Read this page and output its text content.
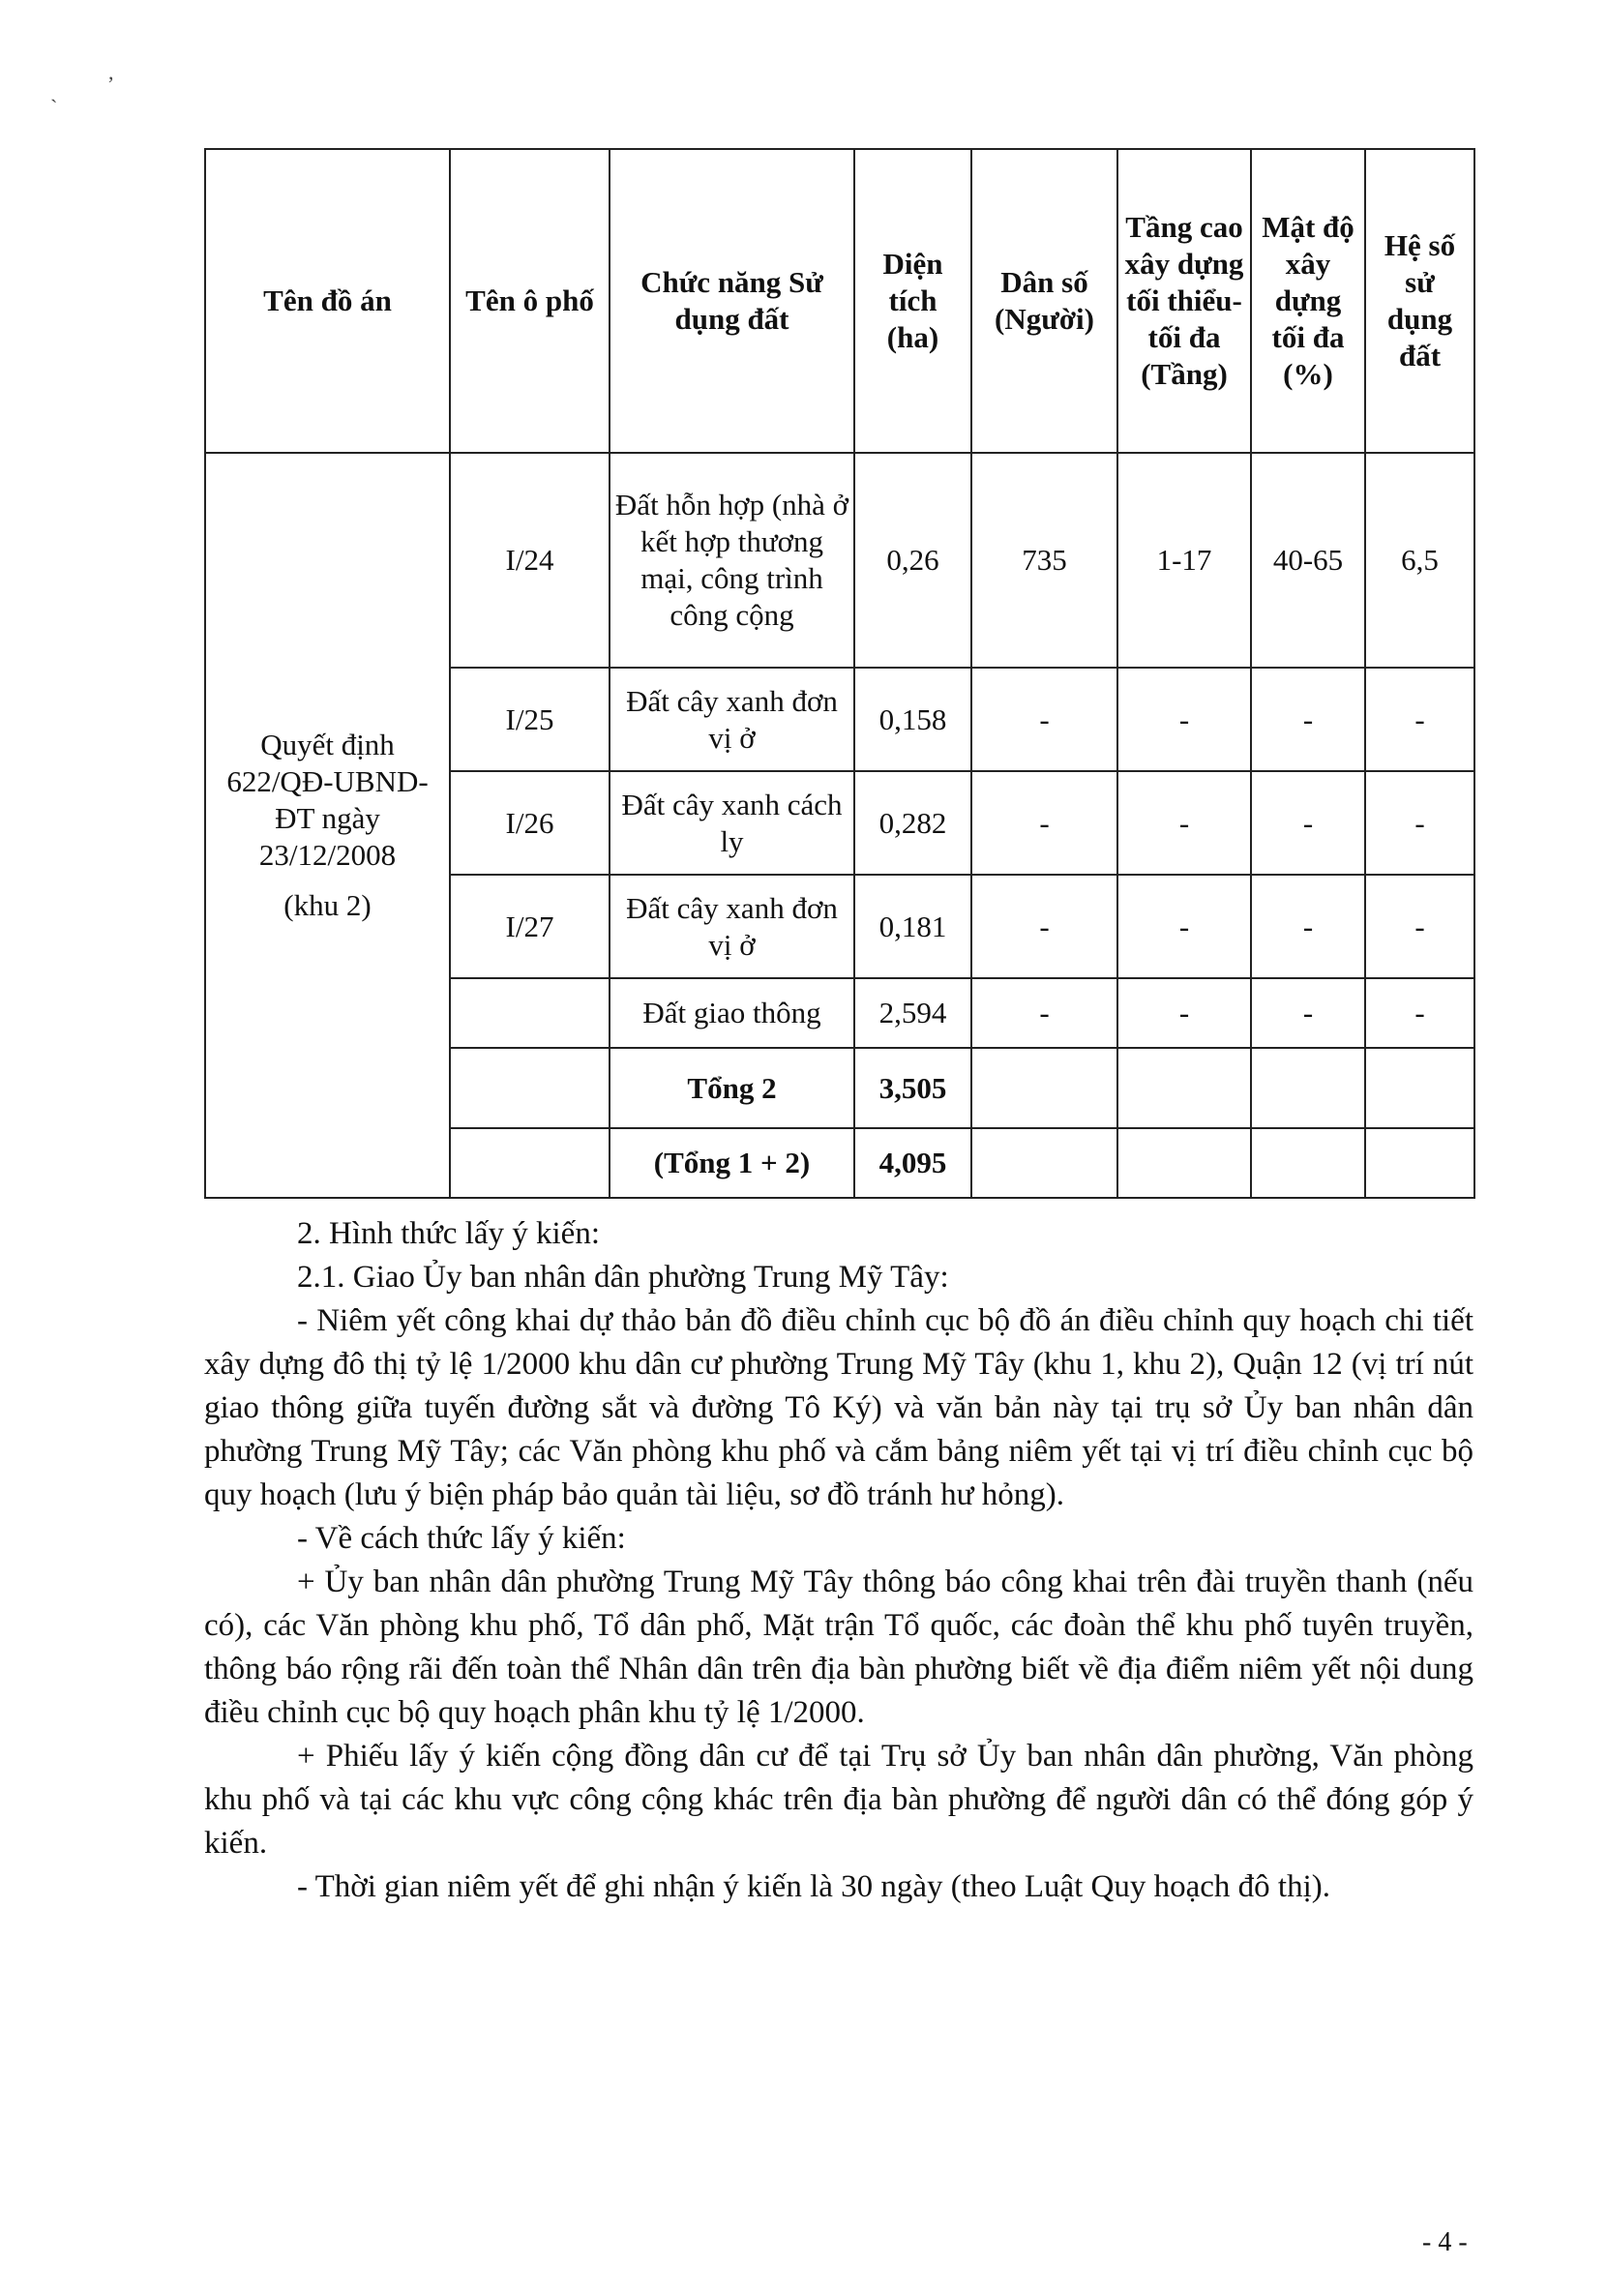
,
`
Tên đồ án	Tên ô phố	Chức năng Sử dụng đất	Diện tích (ha)	Dân số (Người)	Tầng cao xây dựng tối thiểu-tối đa (Tầng)	Mật độ xây dựng tối đa (%)	Hệ số sử dụng đất

Quyết định 622/QĐ-UBND-ĐT ngày 23/12/2008
(khu 2)	I/24	Đất hỗn hợp (nhà ở kết hợp thương mại, công trình công cộng	0,26	735	1-17	40-65	6,5
	I/25	Đất cây xanh đơn vị ở	0,158	-	-	-	-
	I/26	Đất cây xanh cách ly	0,282	-	-	-	-
	I/27	Đất cây xanh đơn vị ở	0,181	-	-	-	-
		Đất giao thông	2,594	-	-	-	-
		Tổng 2	3,505				
		(Tổng 1 + 2)	4,095				

2. Hình thức lấy ý kiến:

2.1. Giao Ủy ban nhân dân phường Trung Mỹ Tây:

- Niêm yết công khai dự thảo bản đồ điều chỉnh cục bộ đồ án điều chỉnh quy hoạch chi tiết xây dựng đô thị tỷ lệ 1/2000 khu dân cư phường Trung Mỹ Tây (khu 1, khu 2), Quận 12 (vị trí nút giao thông giữa tuyến đường sắt và đường Tô Ký) và văn bản này tại trụ sở Ủy ban nhân dân phường Trung Mỹ Tây; các Văn phòng khu phố và cắm bảng niêm yết tại vị trí điều chỉnh cục bộ quy hoạch (lưu ý biện pháp bảo quản tài liệu, sơ đồ tránh hư hỏng).

- Về cách thức lấy ý kiến:

+ Ủy ban nhân dân phường Trung Mỹ Tây thông báo công khai trên đài truyền thanh (nếu có), các Văn phòng khu phố, Tổ dân phố, Mặt trận Tổ quốc, các đoàn thể khu phố tuyên truyền, thông báo rộng rãi đến toàn thể Nhân dân trên địa bàn phường biết về địa điểm niêm yết nội dung điều chỉnh cục bộ quy hoạch phân khu tỷ lệ 1/2000.

+ Phiếu lấy ý kiến cộng đồng dân cư để tại Trụ sở Ủy ban nhân dân phường, Văn phòng khu phố và tại các khu vực công cộng khác trên địa bàn phường để người dân có thể đóng góp ý kiến.

- Thời gian niêm yết để ghi nhận ý kiến là 30 ngày (theo Luật Quy hoạch đô thị).

- 4 -
